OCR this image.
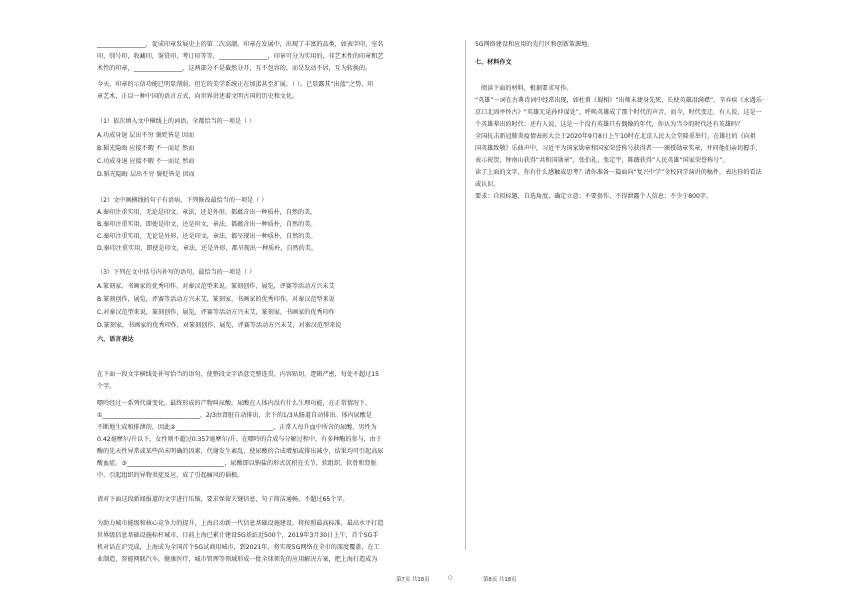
________________，促成印章发展史上的第二次高潮。印章在发展中，出现了丰富的品类，如表字印，室名
印，别号印，收藏印，鉴赏印，考订印等等，________________，印章可分为实用的，非艺术性的印章和艺
术性的印章，________________，这两部分不是截然分开，互不包容的，而是发动不居，互为转换的。
今天，印章的示信功能已明显削弱，但它的美学系统正在加蛋甚至扩展，（ ）。已显露其“出蓝”之势，印
章艺术，正以一种中国的语言方式，向世界讲述着文明古国的历史和文化。
（1）依次填入文中横线上的词语，全都恰当的一项是（ ）
A.功成身退 层出不穷 褒贬皆是 因而
B.韬光隐晦 应接不暇 不一而足 然而
C.功成身退 应接不暇 不一而足 然而
D.韬光隐晦 层出不穷 褒贬皆是 因而
（2）文中画横线的句子有语病，下列修改最恰当的一项是（ ）
A.秦印注重实用，无论是印文、章法，还是外形，都蕴含出一种质朴，自然的美。
B.秦印注重实用，即使是印文，还是印文，章法，都蕴含出一种质朴，自然的美。
C.秦印注重实用，无论是外形，还是印文，章法，都呈现出一种质朴，自然的美。
D.秦印注重实用，即使是印文，章法，还是外形，都呈现出一种质朴，自然的美。
（3）下列在文中括号内补写的语句，最恰当的一项是（ ）
A.篆刻家，书画家的优秀印作，对秦汉范型来说，篆刻创作，展览，评赛等活动方兴未艾
B.篆刻创作，展览，评赛等活动方兴未艾，篆刻家，书画家的优秀印作，对秦汉范型来说
C.对秦汉范型来说，篆刻创作，展览，评赛等活动方兴未艾，篆刻家，书画家的优秀印作
D.篆刻家，书画家的优秀印作，对篆刻创作，展览，评赛等活动方兴未艾，对秦汉范型来说
六、语言表达
在下面一段文字横线处补写恰当的语句，使整段文字语意完整连贯，内容贴切，逻辑严密，每处不超过15
个字。
嘌呤经过一系列代谢变化，最终形成的产物叫尿酸。尿酸在人体内没有什么生理功能，在正常情况下，
①________________________________，2/3由肾脏自动排出，余下的1/3从肠道自动排出。体内尿酸是
不断地生成和排泄的，因此②________________________________，正常人每升血中所含的尿酸，男性为
0.42毫摩尔/升以下，女性则不超过0.357毫摩尔/升。在嘌呤的合成与分解过程中，有多种酶的参与，由于
酶的先天性异常或某些尚未明确的因素，代谢发生紊乱，使尿酸的合成增加或排出减少，结果均可引起高尿
酸血症。③________________________________，尿酸即以钠盐的形式沉积在关节，软组织，软骨和肾脏
中，引起组织的异物炎症反应，成了引起痛风的祸根。
请对下面这段新闻报道的文字进行压缩，要求保留关键信息，句子简洁通畅，不超过65个字。
为助力城市能级和核心竞争力的提升，上海启动新一代信息基础设施建设，将按照最高标准，最高水平打造
世界级信息基础设施标杆城市，目前上海已累计建设5G基站近500个，2019年3月30日上午，首个5G手
机对话在沪完成，上海成为全国首个5G试商用城市，到2021年，将实现5G网络在全市的深度覆盖，在工
业制造，智能网联汽车，健康医疗，城市管理等领域形成一批全球领先的应用解决方案，把上海打造成为
5G网络建设和应用的先行区和创新策源地。
七、材料作文
阅读下面的材料，根据要求写作。
“英雄”一词在古典诗词中经常出现，如杜甫《蜀相》“出师未捷身先死，长使英雄泪满襟”，辛弃疾《永遇乐·
京口北固亭怀古》“英雄无觅孙仲谋处”，呼唤英雄成了那个时代的声音，而今，时代变迁，有人说，这是一
个英雄辈出的时代；还有人说，这是一个没有英雄只有偶像的年代，你认为当今的时代还有英雄吗？
全国抗击新冠肺炎疫情表彰大会于2020年9月8日上午10时在北京人民大会堂隆重举行，在雄壮的《向祖
国英雄致敬》乐曲声中，习近平为国家勋章和国家荣誉称号获得者一一颁授勋章奖章，并同他们亲切握手，
表示祝贺，钟南山获得“共和国勋章”，张伯礼，张定宇，陈薇获得“人民英雄”国家荣誉称号”。
读了上面的文字，你有什么感触或思考？请你准备一篇面向“复兴中学”全校同学演讲的稿件，表达你的看法
或认识。
要求：自拟标题，自选角度，确定立意；不要套作，不得泄露个人信息；不少于800字。
第7页 共18页	○	第8页 共18页
